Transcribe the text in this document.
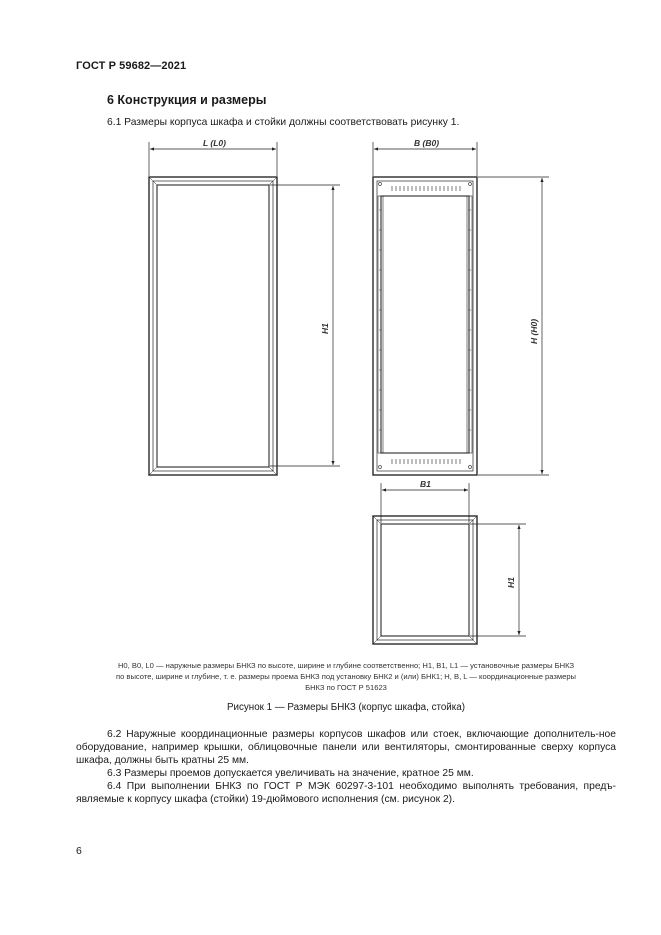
ГОСТ Р 59682—2021
6 Конструкция и размеры
6.1 Размеры корпуса шкафа и стойки должны соответствовать рисунку 1.
L (L0)
H1
B (B0)
H (H0)
B1
H1
H0, B0, L0 — наружные размеры БНКЗ по высоте, ширине и глубине соответственно; H1, B1, L1 — установочные размеры БНКЗ
по высоте, ширине и глубине, т. е. размеры проема БНКЗ под установку БНК2 и (или) БНК1; H, B, L — координационные размеры
БНКЗ по ГОСТ Р 51623
Рисунок 1 — Размеры БНКЗ (корпус шкафа, стойка)

6.2 Наружные координационные размеры корпусов шкафов или стоек, включающие дополнитель-ное оборудование, например крышки, облицовочные панели или вентиляторы, смонтированные сверху корпуса шкафа, должны быть кратны 25 мм.

6.3 Размеры проемов допускается увеличивать на значение, кратное 25 мм.

6.4 При выполнении БНКЗ по ГОСТ Р МЭК 60297-3-101 необходимо выполнять требования, предъ-являемые к корпусу шкафа (стойки) 19-дюймового исполнения (см. рисунок 2).

6
